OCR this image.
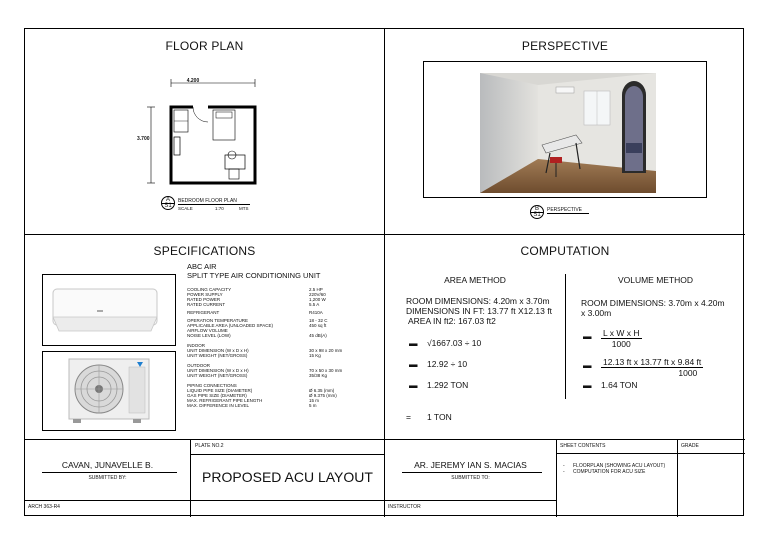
FLOOR PLAN
4.200
3.700
A
S1
BEDROOM FLOOR PLAN
SCALE	1:70	MTS
PERSPECTIVE
B
S1
PERSPECTIVE
SPECIFICATIONS
ABC AIR
SPLIT TYPE AIR CONDITIONING UNIT
COOLING CAPACITY	2.5 HP
POWER SUPPLY	220V/60
RATED POWER	1,200 W
RATED CURRENT	5.5 A
REFRIGERANT	R410A
OPERATION TEMPERATURE	18 - 32 C
APPLICABLE AREA (UNLOADED SPACE)	450 sq ft
AIRFLOW VOLUME
NOISE LEVEL (LOW)	45 dB(A)
INDOOR
UNIT DIMENSION (W x D x H)	30 x 98 x 20 mm
UNIT WEIGHT (NET/GROSS)	15 Kg
OUTDOOR
UNIT DIMENSION (W x D x H)	70 x 50 x 30 mm
UNIT WEIGHT (NET/GROSS)	35/38 Kg
PIPING CONNECTIONS
LIQUID PIPE SIZE (DIAMETER)	Ø 6.35 (mm)
GAS PIPE SIZE (DIAMETER)	Ø 9.375 (mm)
MAX. REFRIGERANT PIPE LENGTH	15 m
MAX. DIFFERENCE IN LEVEL	5 m
COMPUTATION
AREA METHOD
ROOM DIMENSIONS: 4.20m x 3.70m
DIMENSIONS IN FT: 13.77 ft X12.13 ft
AREA IN ft2: 167.03 ft2
▬ √1667.03 ÷ 10
▬ 12.92 ÷ 10
▬ 1.292 TON
= 1 TON
VOLUME METHOD
ROOM DIMENSIONS: 3.70m x 4.20m
x 3.00m
▬ $\frac{\text{L x W x H}}{1000}$
▬ $\frac{\text{12.13 ft x 13.77 ft x 9.84 ft}}{1000}$
▬ 1.64 TON
PLATE NO.2
CAVAN, JUNAVELLE B.
SUBMITTED BY:	PROPOSED ACU LAYOUT
ARCH 363-R4
AR. JEREMY IAN S. MACIAS
SUBMITTED TO:
INSTRUCTOR
SHEET CONTENTS	GRADE
-	FLOORPLAN (SHOWING ACU LAYOUT)
-	COMPUTATION FOR ACU SIZE
